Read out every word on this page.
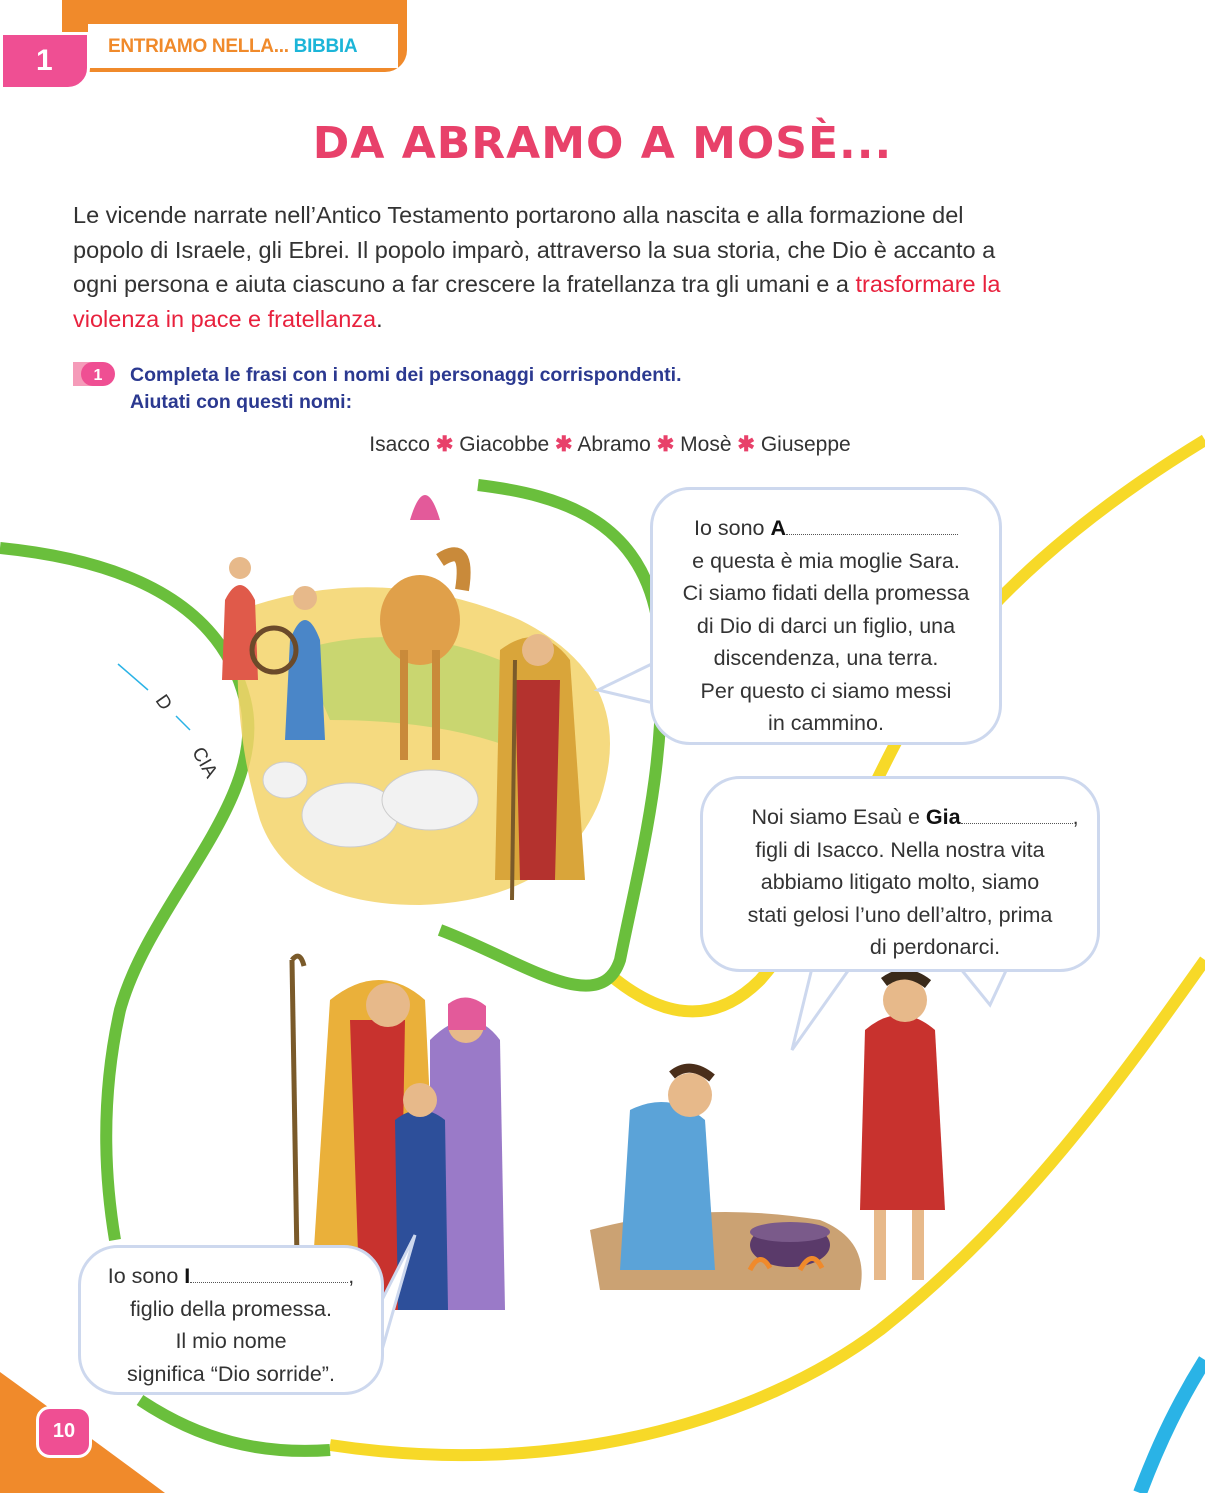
ENTRIAMO NELLA... BIBBIA
1
DA ABRAMO A MOSÈ...
Le vicende narrate nell’Antico Testamento portarono alla nascita e alla formazione del popolo di Israele, gli Ebrei. Il popolo imparò, attraverso la sua storia, che Dio è accanto a ogni persona e aiuta ciascuno a far crescere la fratellanza tra gli umani e a trasformare la violenza in pace e fratellanza.
1 Completa le frasi con i nomi dei personaggi corrispondenti.
Aiutati con questi nomi:
Isacco ✱ Giacobbe ✱ Abramo ✱ Mosè ✱ Giuseppe
D
CIA
Io sono A
e questa è mia moglie Sara.
Ci siamo fidati della promessa
di Dio di darci un figlio, una
discendenza, una terra.
Per questo ci siamo messi
in cammino.
Noi siamo Esaù e Gia	,
figli di Isacco. Nella nostra vita
abbiamo litigato molto, siamo
stati gelosi l’uno dell’altro, prima
di perdonarci.
Io sono I	,
figlio della promessa.
Il mio nome
significa “Dio sorride”.
10
